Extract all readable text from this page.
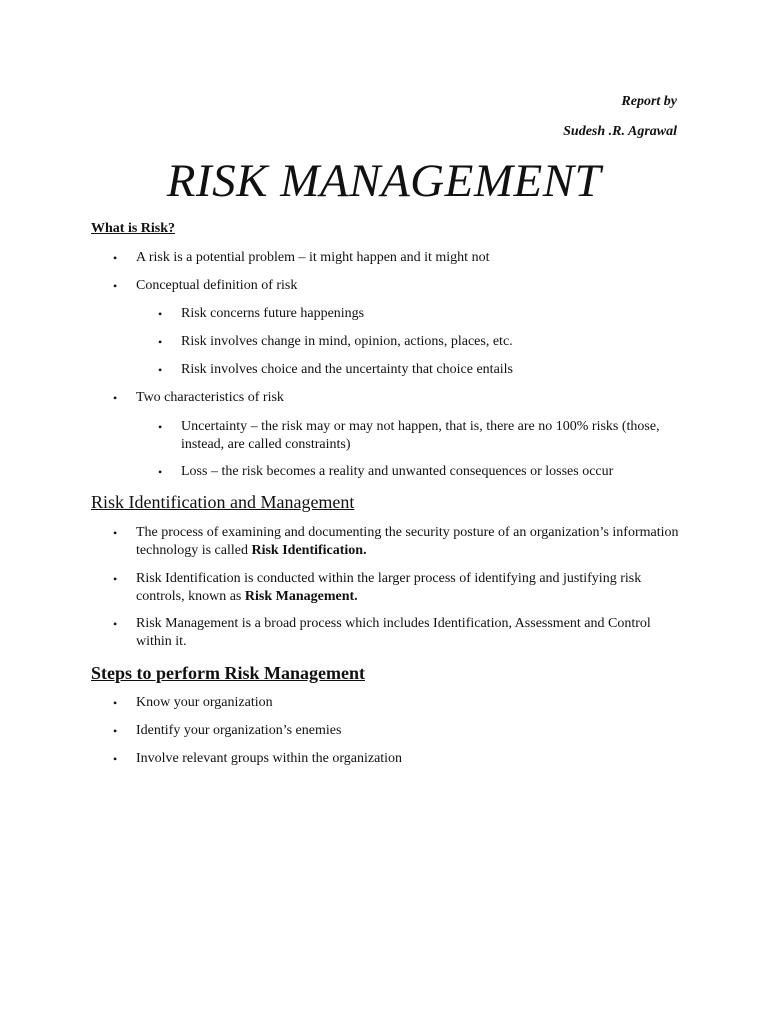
Report by
Sudesh .R. Agrawal
RISK MANAGEMENT
What is Risk?
• A risk is a potential problem – it might happen and it might not
• Conceptual definition of risk
• Risk concerns future happenings
• Risk involves change in mind, opinion, actions, places, etc.
• Risk involves choice and the uncertainty that choice entails
• Two characteristics of risk
• Uncertainty – the risk may or may not happen, that is, there are no 100% risks (those, instead, are called constraints)
• Loss – the risk becomes a reality and unwanted consequences or losses occur
Risk Identification and Management
• The process of examining and documenting the security posture of an organization’s information technology is called Risk Identification.
• Risk Identification is conducted within the larger process of identifying and justifying risk controls, known as Risk Management.
• Risk Management is a broad process which includes Identification, Assessment and Control within it.
Steps to perform Risk Management
• Know your organization
• Identify your organization’s enemies
• Involve relevant groups within the organization
